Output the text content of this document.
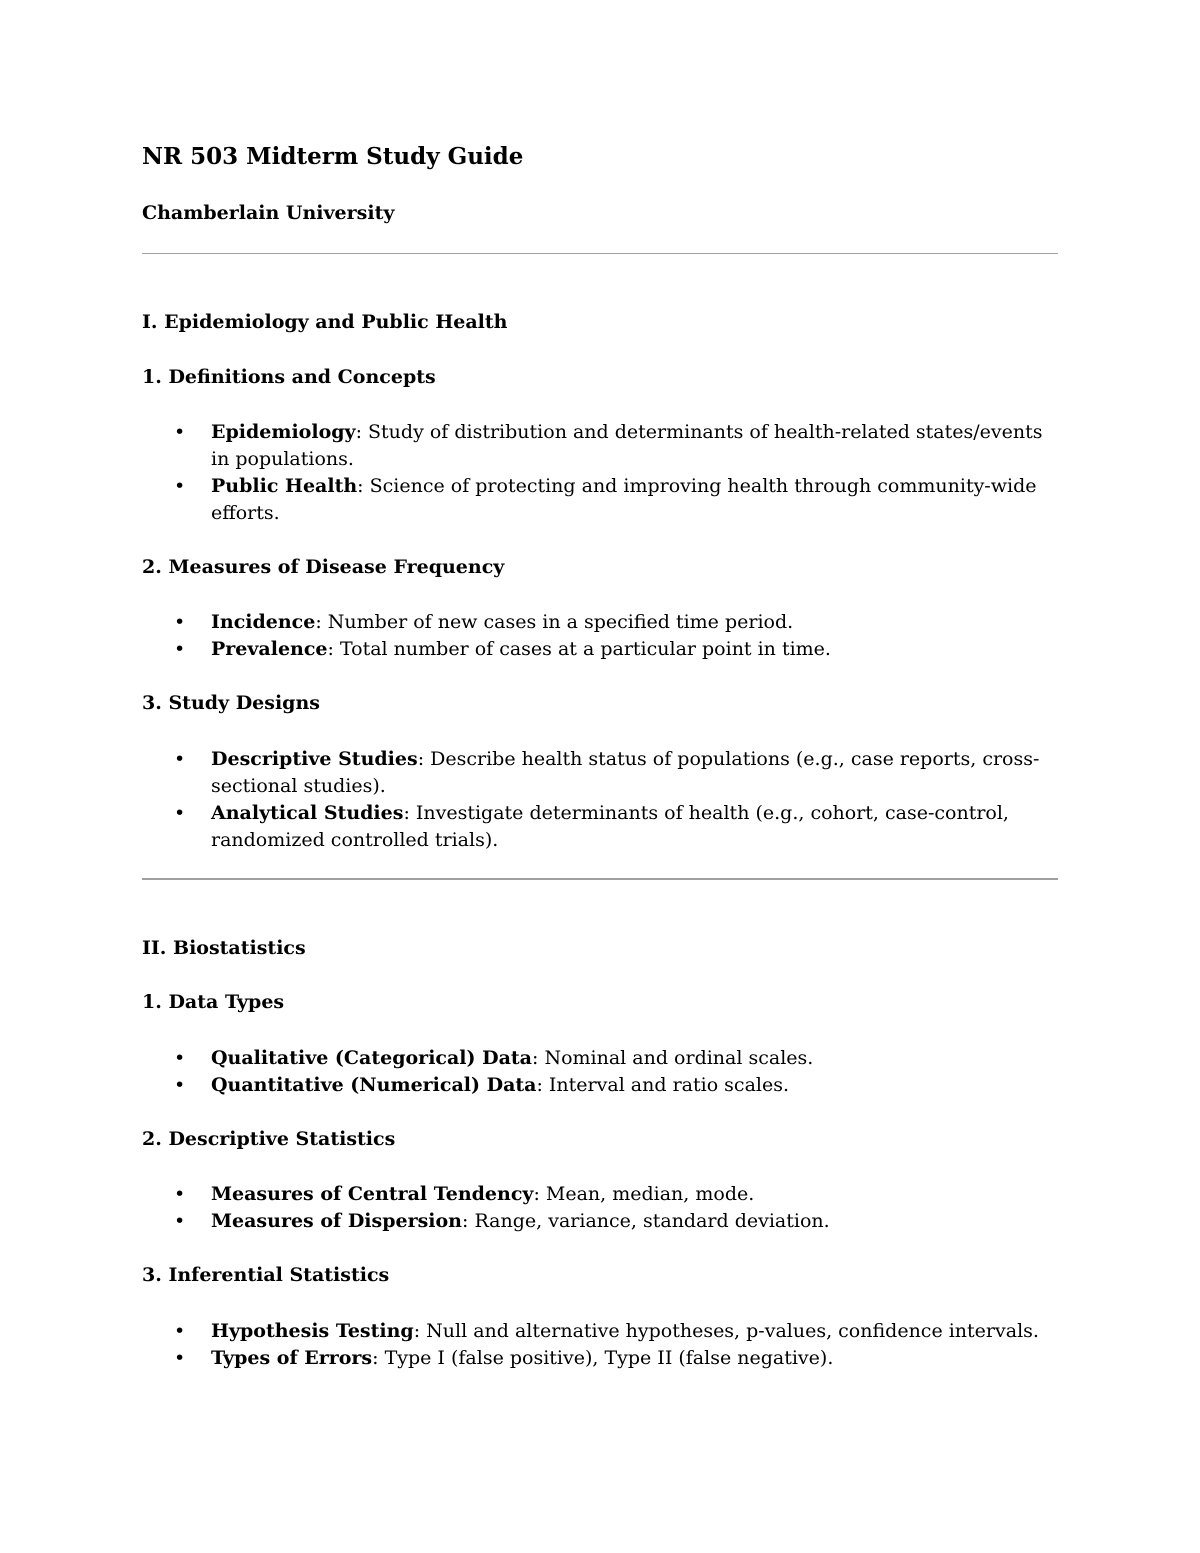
NR 503 Midterm Study Guide
Chamberlain University
I. Epidemiology and Public Health
1. Definitions and Concepts
• Epidemiology: Study of distribution and determinants of health-related states/events in populations.
• Public Health: Science of protecting and improving health through community-wide efforts.
2. Measures of Disease Frequency
• Incidence: Number of new cases in a specified time period.
• Prevalence: Total number of cases at a particular point in time.
3. Study Designs
• Descriptive Studies: Describe health status of populations (e.g., case reports, cross-sectional studies).
• Analytical Studies: Investigate determinants of health (e.g., cohort, case-control, randomized controlled trials).
II. Biostatistics
1. Data Types
• Qualitative (Categorical) Data: Nominal and ordinal scales.
• Quantitative (Numerical) Data: Interval and ratio scales.
2. Descriptive Statistics
• Measures of Central Tendency: Mean, median, mode.
• Measures of Dispersion: Range, variance, standard deviation.
3. Inferential Statistics
• Hypothesis Testing: Null and alternative hypotheses, p-values, confidence intervals.
• Types of Errors: Type I (false positive), Type II (false negative).
